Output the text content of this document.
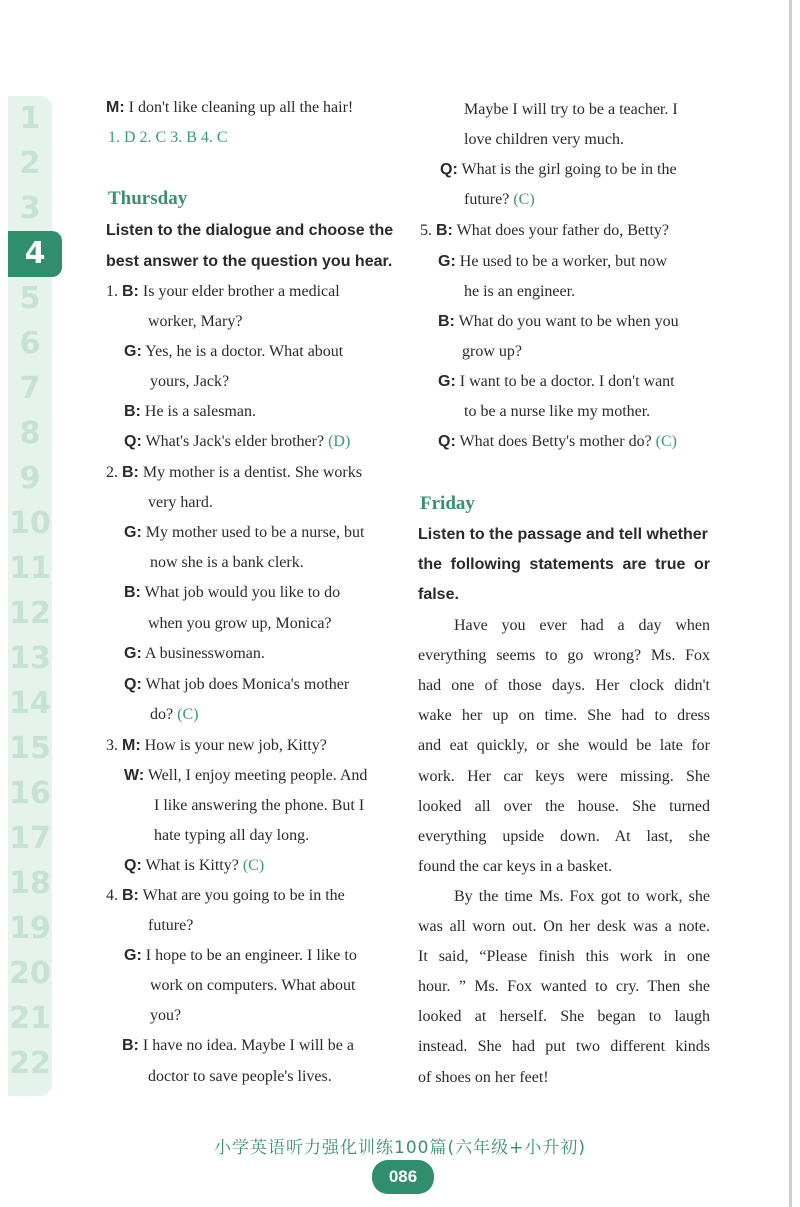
1
2
3
4
5
6
7
8
9
10
11
12
13
14
15
16
17
18
19
20
21
22
M: I don't like cleaning up all the hair!
1. D 2. C 3. B 4. C
Thursday
Listen to the dialogue and choose the
best answer to the question you hear.
1. B: Is your elder brother a medical
worker, Mary?
G: Yes, he is a doctor. What about
yours, Jack?
B: He is a salesman.
Q: What's Jack's elder brother? (D)
2. B: My mother is a dentist. She works
very hard.
G: My mother used to be a nurse, but
now she is a bank clerk.
B: What job would you like to do
when you grow up, Monica?
G: A businesswoman.
Q: What job does Monica's mother
do? (C)
3. M: How is your new job, Kitty?
W: Well, I enjoy meeting people. And
I like answering the phone. But I
hate typing all day long.
Q: What is Kitty? (C)
4. B: What are you going to be in the
future?
G: I hope to be an engineer. I like to
work on computers. What about
you?
B: I have no idea. Maybe I will be a
doctor to save people's lives.
Maybe I will try to be a teacher. I
love children very much.
Q: What is the girl going to be in the
future? (C)
5. B: What does your father do, Betty?
G: He used to be a worker, but now
he is an engineer.
B: What do you want to be when you
grow up?
G: I want to be a doctor. I don't want
to be a nurse like my mother.
Q: What does Betty's mother do? (C)
Friday
Listen to the passage and tell whether
the following statements are true or
false.
Have you ever had a day when
everything seems to go wrong? Ms. Fox
had one of those days. Her clock didn't
wake her up on time. She had to dress
and eat quickly, or she would be late for
work. Her car keys were missing. She
looked all over the house. She turned
everything upside down. At last, she
found the car keys in a basket.
By the time Ms. Fox got to work, she
was all worn out. On her desk was a note.
It said, “Please finish this work in one
hour. ” Ms. Fox wanted to cry. Then she
looked at herself. She began to laugh
instead. She had put two different kinds
of shoes on her feet!
小学英语听力强化训练100篇(六年级+小升初)
086
